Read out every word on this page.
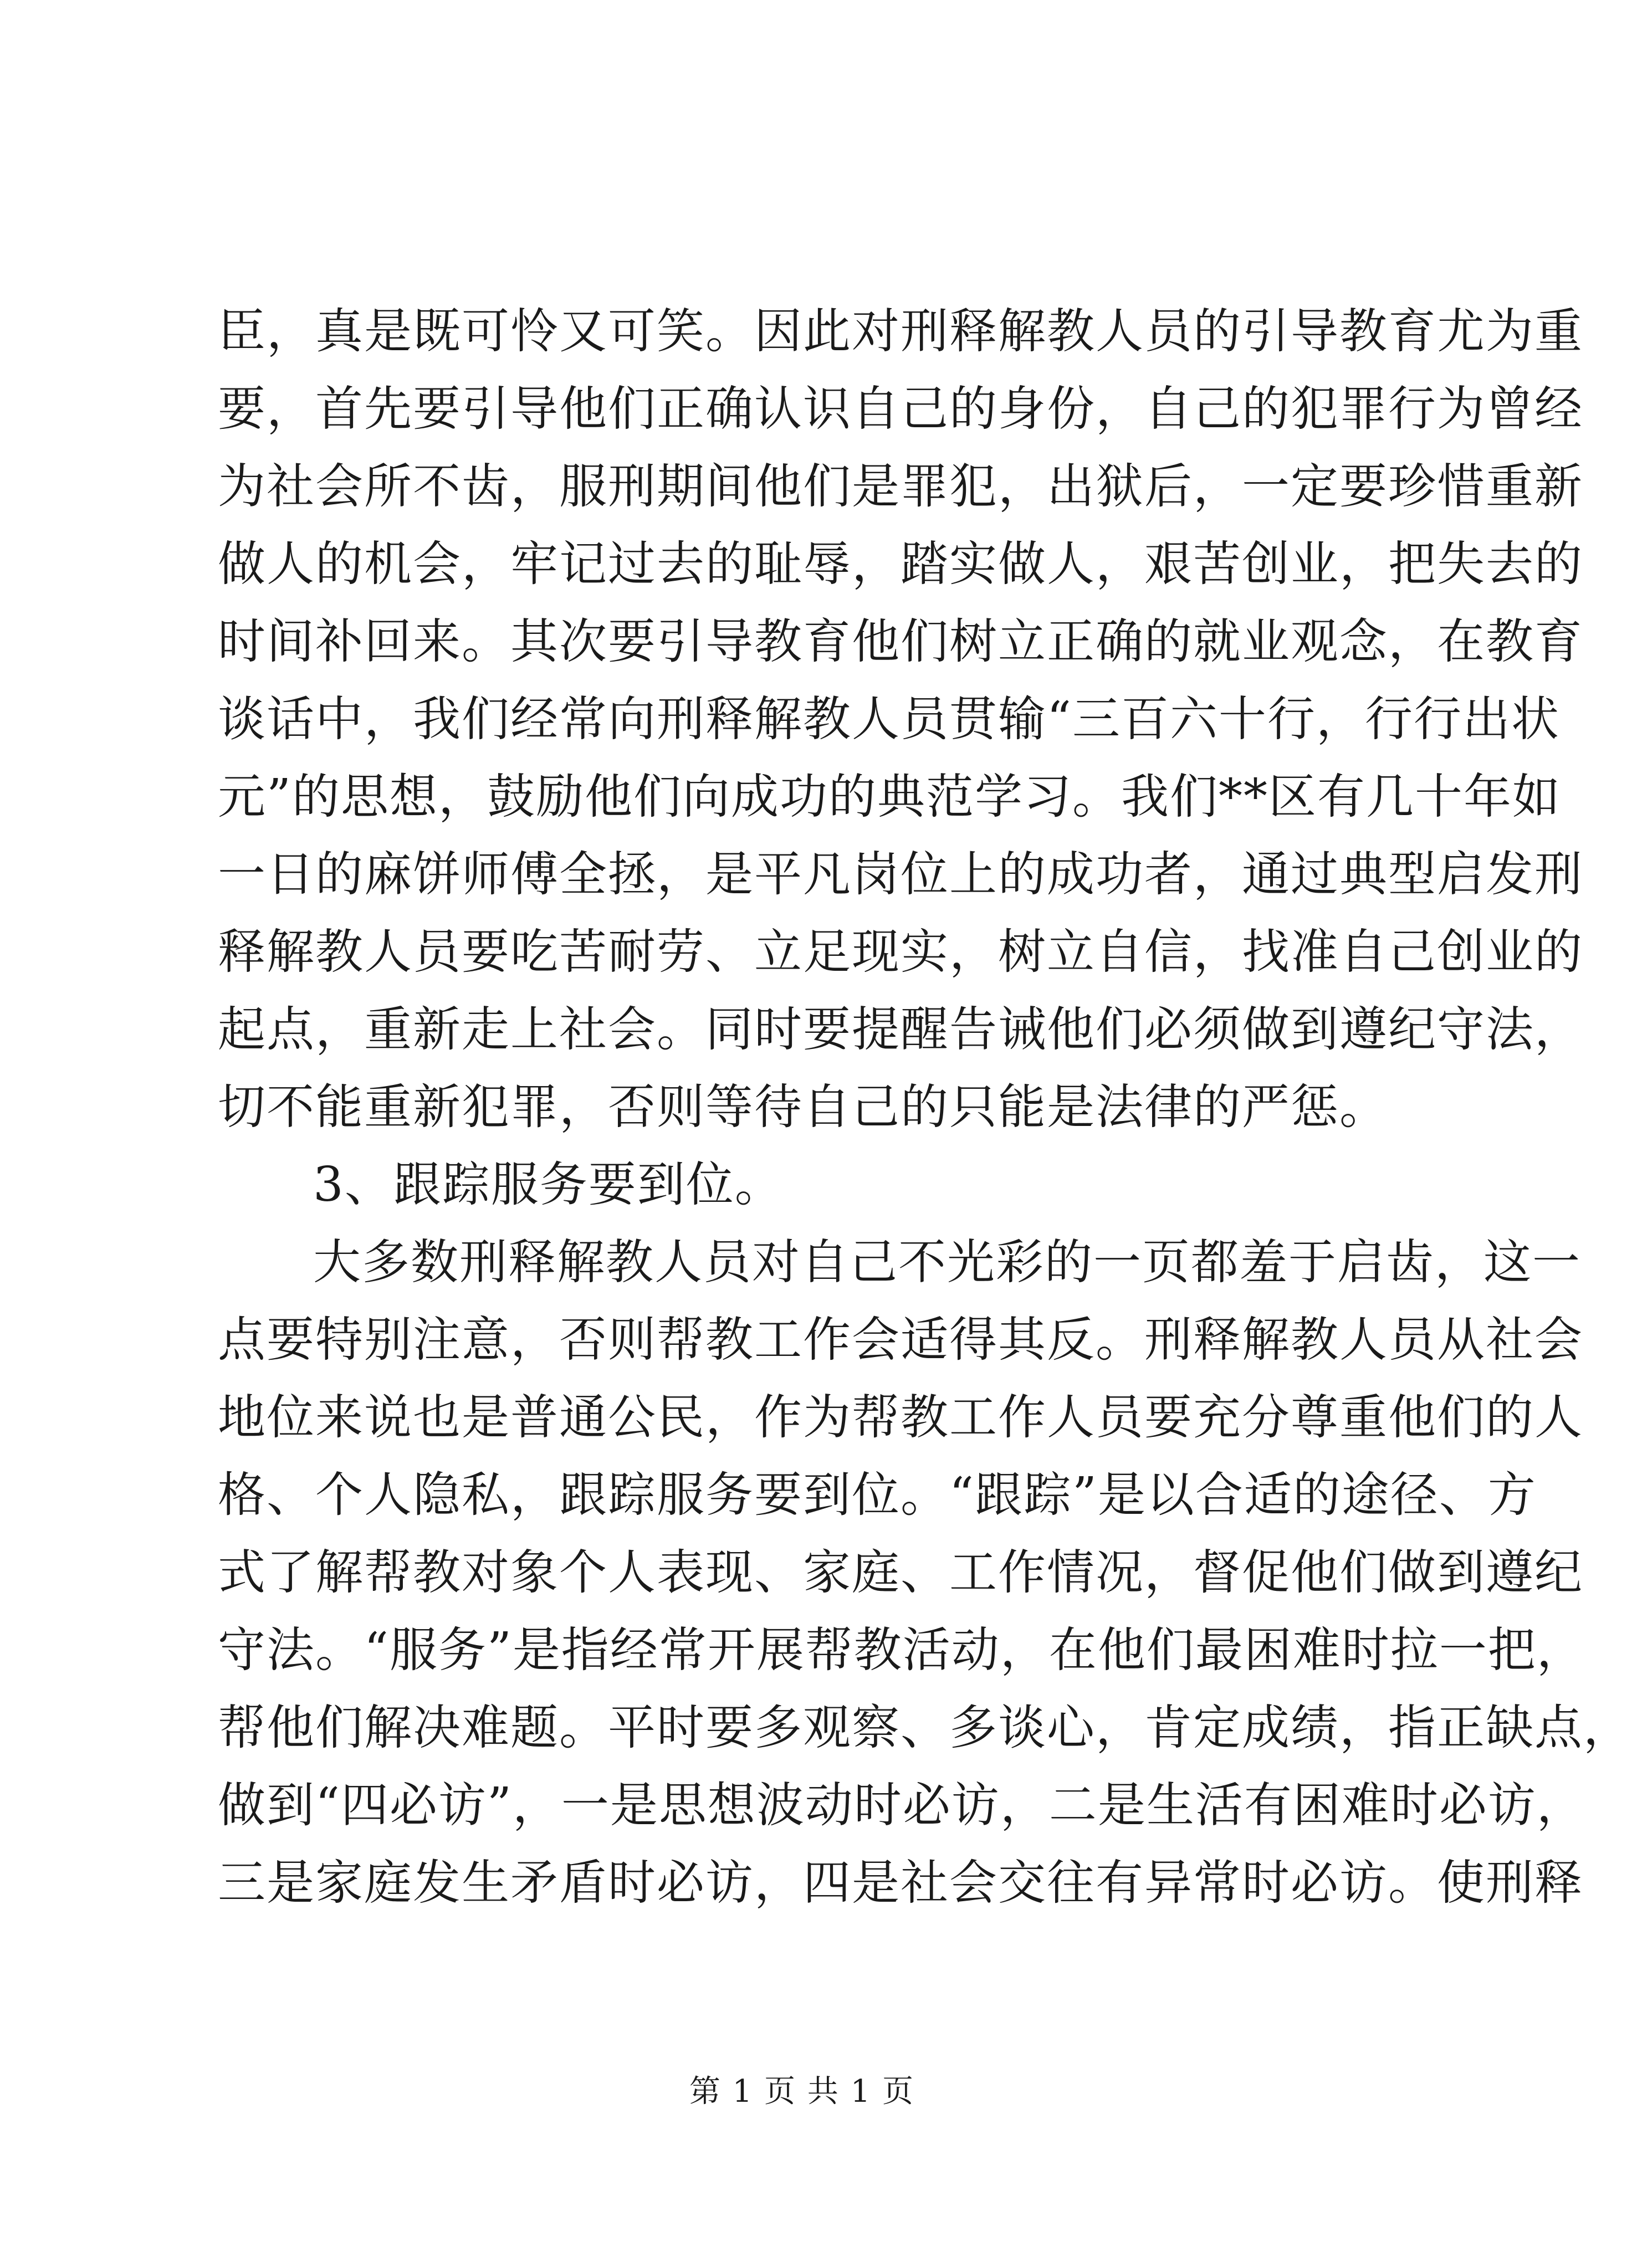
臣，真是既可怜又可笑。因此对刑释解教人员的引导教育尤为重
要，首先要引导他们正确认识自己的身份，自己的犯罪行为曾经
为社会所不齿，服刑期间他们是罪犯，出狱后，一定要珍惜重新
做人的机会，牢记过去的耻辱，踏实做人，艰苦创业，把失去的
时间补回来。其次要引导教育他们树立正确的就业观念，在教育
谈话中，我们经常向刑释解教人员贯输“三百六十行，行行出状
元”的思想，鼓励他们向成功的典范学习。我们**区有几十年如
一日的麻饼师傅全拯，是平凡岗位上的成功者，通过典型启发刑
释解教人员要吃苦耐劳、立足现实，树立自信，找准自己创业的
起点，重新走上社会。同时要提醒告诫他们必须做到遵纪守法，
切不能重新犯罪，否则等待自己的只能是法律的严惩。
3、跟踪服务要到位。
大多数刑释解教人员对自己不光彩的一页都羞于启齿，这一
点要特别注意，否则帮教工作会适得其反。刑释解教人员从社会
地位来说也是普通公民，作为帮教工作人员要充分尊重他们的人
格、个人隐私，跟踪服务要到位。“跟踪”是以合适的途径、方
式了解帮教对象个人表现、家庭、工作情况，督促他们做到遵纪
守法。“服务”是指经常开展帮教活动，在他们最困难时拉一把，
帮他们解决难题。平时要多观察、多谈心，肯定成绩，指正缺点，
做到“四必访”，一是思想波动时必访，二是生活有困难时必访，
三是家庭发生矛盾时必访，四是社会交往有异常时必访。使刑释
第 1 页 共 1 页
